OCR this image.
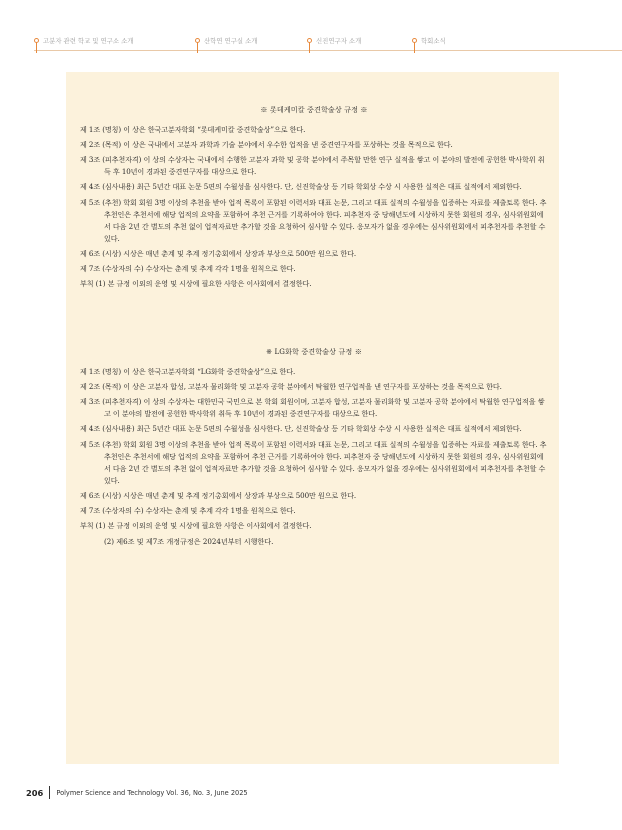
고분자 관련 학교 및 연구소 소개	산학연 연구실 소개	신진연구자 소개	학회소식
※ 롯데케미칼 중견학술상 규정 ※
제 1조 (명칭) 이 상은 한국고분자학회 “롯데케미칼 중견학술상”으로 한다.
제 2조 (목적) 이 상은 국내에서 고분자 과학과 기술 분야에서 우수한 업적을 낸 중견연구자를 포상하는 것을 목적으로 한다.
제 3조 (피추천자격) 이 상의 수상자는 국내에서 수행한 고분자 과학 및 공학 분야에서 주목할 만한 연구 실적을 쌓고 이 분야의 발전에 공헌한 박사학위 취득 후 10년이 경과된 중견연구자를 대상으로 한다.
제 4조 (심사내용) 최근 5년간 대표 논문 5편의 수월성을 심사한다. 단, 신진학술상 등 기타 학회상 수상 시 사용한 실적은 대표 실적에서 제외한다.
제 5조 (추천) 학회 회원 3명 이상의 추천을 받아 업적 목록이 포함된 이력서와 대표 논문, 그리고 대표 실적의 수월성을 입증하는 자료를 제출토록 한다. 추 추천인은 추천서에 해당 업적의 요약을 포함하여 추천 근거를 기록하여야 한다. 피추천자 중 당해년도에 시상하지 못한 회원의 경우, 심사위원회에서 다음 2년 간 별도의 추천 없이 업적자료만 추가할 것을 요청하여 심사할 수 있다. 응모자가 없을 경우에는 심사위원회에서 피추천자를 추천할 수 있다.
제 6조 (시상) 시상은 매년 춘계 및 추계 정기총회에서 상장과 부상으로 500만 원으로 한다.
제 7조 (수상자의 수) 수상자는 춘계 및 추계 각각 1명을 원칙으로 한다.
부칙 (1) 본 규정 이외의 운영 및 시상에 필요한 사항은 이사회에서 결정한다.
※ LG화학 중견학술상 규정 ※
제 1조 (명칭) 이 상은 한국고분자학회 “LG화학 중견학술상”으로 한다.
제 2조 (목적) 이 상은 고분자 합성, 고분자 물리화학 및 고분자 공학 분야에서 탁월한 연구업적을 낸 연구자를 포상하는 것을 목적으로 한다.
제 3조 (피추천자격) 이 상의 수상자는 대한민국 국민으로 본 학회 회원이며, 고분자 합성, 고분자 물리화학 및 고분자 공학 분야에서 탁월한 연구업적을 쌓고 이 분야의 발전에 공헌한 박사학위 취득 후 10년이 경과된 중견연구자를 대상으로 한다.
제 4조 (심사내용) 최근 5년간 대표 논문 5편의 수월성을 심사한다. 단, 신진학술상 등 기타 학회상 수상 시 사용한 실적은 대표 실적에서 제외한다.
제 5조 (추천) 학회 회원 3명 이상의 추천을 받아 업적 목록이 포함된 이력서와 대표 논문, 그리고 대표 실적의 수월성을 입증하는 자료를 제출토록 한다. 추 추천인은 추천서에 해당 업적의 요약을 포함하여 추천 근거를 기록하여야 한다. 피추천자 중 당해년도에 시상하지 못한 회원의 경우, 심사위원회에서 다음 2년 간 별도의 추천 없이 업적자료만 추가할 것을 요청하여 심사할 수 있다. 응모자가 없을 경우에는 심사위원회에서 피추천자를 추천할 수 있다.
제 6조 (시상) 시상은 매년 춘계 및 추계 정기총회에서 상장과 부상으로 500만 원으로 한다.
제 7조 (수상자의 수) 수상자는 춘계 및 추계 각각 1명을 원칙으로 한다.
부칙 (1) 본 규정 이외의 운영 및 시상에 필요한 사항은 이사회에서 결정한다.
(2) 제6조 및 제7조 개정규정은 2024년부터 시행한다.
206 Polymer Science and Technology Vol. 36, No. 3, June 2025
